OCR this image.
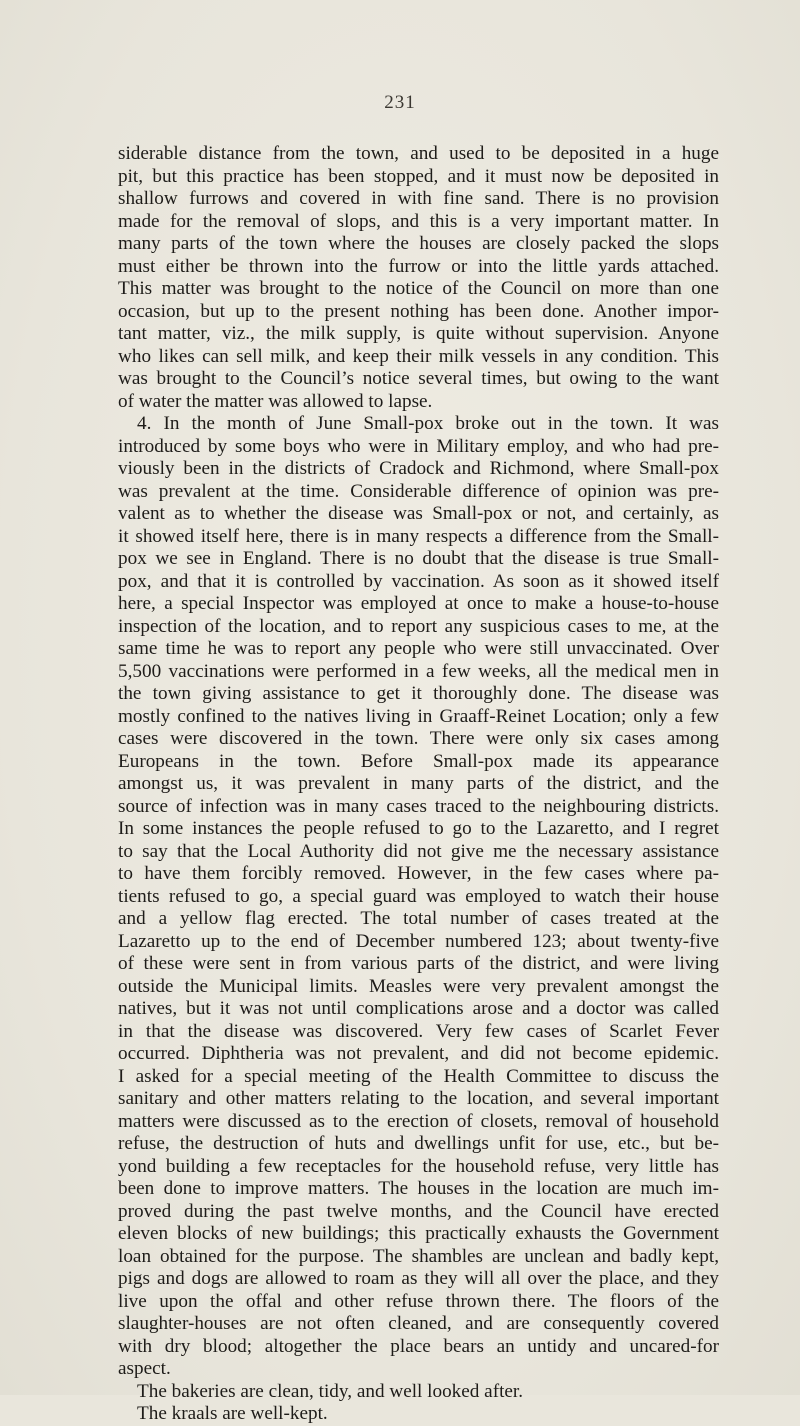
231
siderable distance from the town, and used to be deposited in a huge
pit, but this practice has been stopped, and it must now be deposited in
shallow furrows and covered in with fine sand. There is no provision
made for the removal of slops, and this is a very important matter. In
many parts of the town where the houses are closely packed the slops
must either be thrown into the furrow or into the little yards attached.
This matter was brought to the notice of the Council on more than one
occasion, but up to the present nothing has been done. Another impor-
tant matter, viz., the milk supply, is quite without supervision. Anyone
who likes can sell milk, and keep their milk vessels in any condition. This
was brought to the Council’s notice several times, but owing to the want
of water the matter was allowed to lapse.
4. In the month of June Small-pox broke out in the town. It was
introduced by some boys who were in Military employ, and who had pre-
viously been in the districts of Cradock and Richmond, where Small-pox
was prevalent at the time. Considerable difference of opinion was pre-
valent as to whether the disease was Small-pox or not, and certainly, as
it showed itself here, there is in many respects a difference from the Small-
pox we see in England. There is no doubt that the disease is true Small-
pox, and that it is controlled by vaccination. As soon as it showed itself
here, a special Inspector was employed at once to make a house-to-house
inspection of the location, and to report any suspicious cases to me, at the
same time he was to report any people who were still unvaccinated. Over
5,500 vaccinations were performed in a few weeks, all the medical men in
the town giving assistance to get it thoroughly done. The disease was
mostly confined to the natives living in Graaff-Reinet Location; only a few
cases were discovered in the town. There were only six cases among
Europeans in the town. Before Small-pox made its appearance
amongst us, it was prevalent in many parts of the district, and the
source of infection was in many cases traced to the neighbouring districts.
In some instances the people refused to go to the Lazaretto, and I regret
to say that the Local Authority did not give me the necessary assistance
to have them forcibly removed. However, in the few cases where pa-
tients refused to go, a special guard was employed to watch their house
and a yellow flag erected. The total number of cases treated at the
Lazaretto up to the end of December numbered 123; about twenty-five
of these were sent in from various parts of the district, and were living
outside the Municipal limits. Measles were very prevalent amongst the
natives, but it was not until complications arose and a doctor was called
in that the disease was discovered. Very few cases of Scarlet Fever
occurred. Diphtheria was not prevalent, and did not become epidemic.
I asked for a special meeting of the Health Committee to discuss the
sanitary and other matters relating to the location, and several important
matters were discussed as to the erection of closets, removal of household
refuse, the destruction of huts and dwellings unfit for use, etc., but be-
yond building a few receptacles for the household refuse, very little has
been done to improve matters. The houses in the location are much im-
proved during the past twelve months, and the Council have erected
eleven blocks of new buildings; this practically exhausts the Government
loan obtained for the purpose. The shambles are unclean and badly kept,
pigs and dogs are allowed to roam as they will all over the place, and they
live upon the offal and other refuse thrown there. The floors of the
slaughter-houses are not often cleaned, and are consequently covered
with dry blood; altogether the place bears an untidy and uncared-for
aspect.
The bakeries are clean, tidy, and well looked after.
The kraals are well-kept.
